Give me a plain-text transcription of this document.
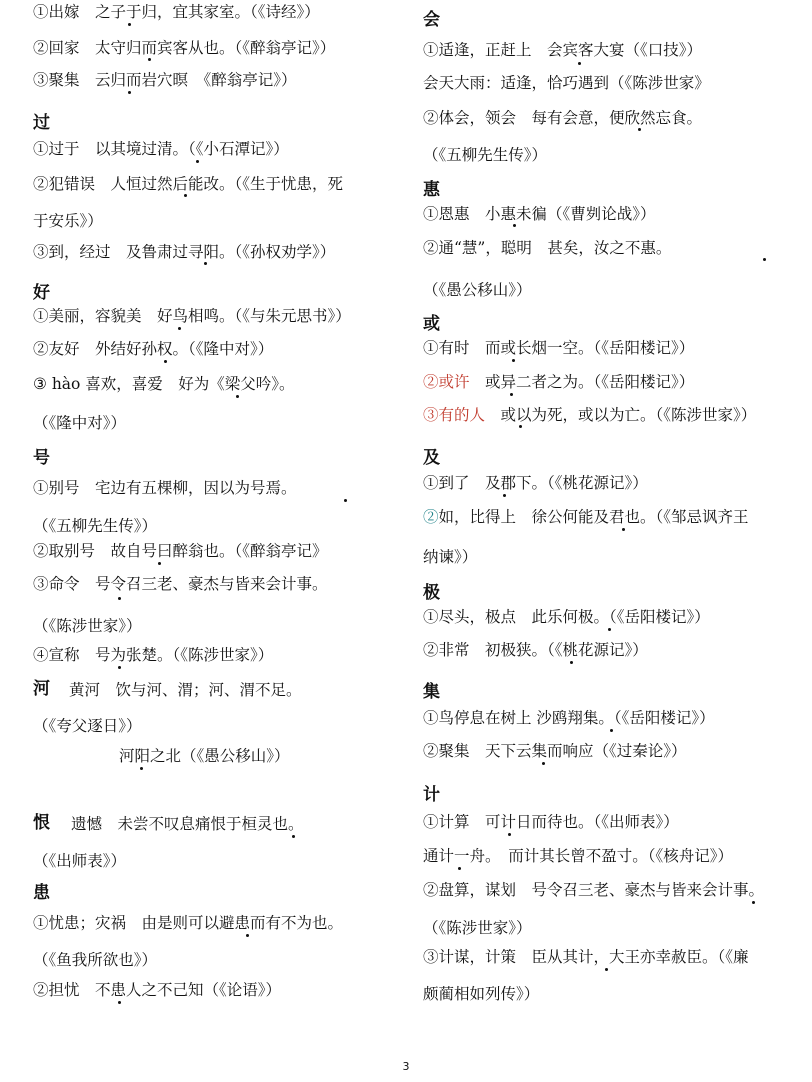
①出嫁　之子于归，宜其家室。（《诗经》）
②回家　太守归而宾客从也。（《醉翁亭记》）
③聚集　云归而岩穴暝　《醉翁亭记》）
过
①过于　以其境过清。（《小石潭记》）
②犯错误　人恒过然后能改。（《生于忧患，死
于安乐》）
③到，经过　及鲁肃过寻阳。（《孙权劝学》）
好
①美丽，容貌美　好鸟相鸣。（《与朱元思书》）
②友好　外结好孙权。（《隆中对》）
③ hào 喜欢，喜爱　好为《梁父吟》。
（《隆中对》）
号
①别号　宅边有五棵柳，因以为号焉。
（《五柳先生传》）
②取别号　故自号曰醉翁也。（《醉翁亭记》
③命令　号令召三老、豪杰与皆来会计事。
（《陈涉世家》）
④宣称　号为张楚。（《陈涉世家》）
河 黄河　饮与河、渭；河、渭不足。
（《夸父逐日》）
河阳之北（《愚公移山》）
恨 遗憾　未尝不叹息痛恨于桓灵也。
（《出师表》）
患
①忧患；灾祸　由是则可以避患而有不为也。
（《鱼我所欲也》）
②担忧　不患人之不己知（《论语》）
会
①适逢，正赶上　会宾客大宴（《口技》）
会天大雨：适逢，恰巧遇到（《陈涉世家》
②体会，领会　每有会意，便欣然忘食。
（《五柳先生传》）
惠
①恩惠　小惠未徧（《曹刿论战》）
②通“慧”，聪明　甚矣，汝之不惠。
（《愚公移山》）
或
①有时　而或长烟一空。（《岳阳楼记》）
②或许　或异二者之为。（《岳阳楼记》）
③有的人　或以为死，或以为亡。（《陈涉世家》）
及
①到了　及郡下。（《桃花源记》）
②如，比得上　徐公何能及君也。（《邹忌讽齐王
纳谏》）
极
①尽头，极点　此乐何极。（《岳阳楼记》）
②非常　初极狭。（《桃花源记》）
集
①鸟停息在树上 沙鸥翔集。（《岳阳楼记》）
②聚集　天下云集而响应（《过秦论》）
计
①计算　可计日而待也。（《出师表》）
通计一舟。　而计其长曾不盈寸。（《核舟记》）
②盘算，谋划　号令召三老、豪杰与皆来会计事。
（《陈涉世家》）
③计谋，计策　臣从其计，大王亦幸赦臣。（《廉
颇蔺相如列传》）
3
